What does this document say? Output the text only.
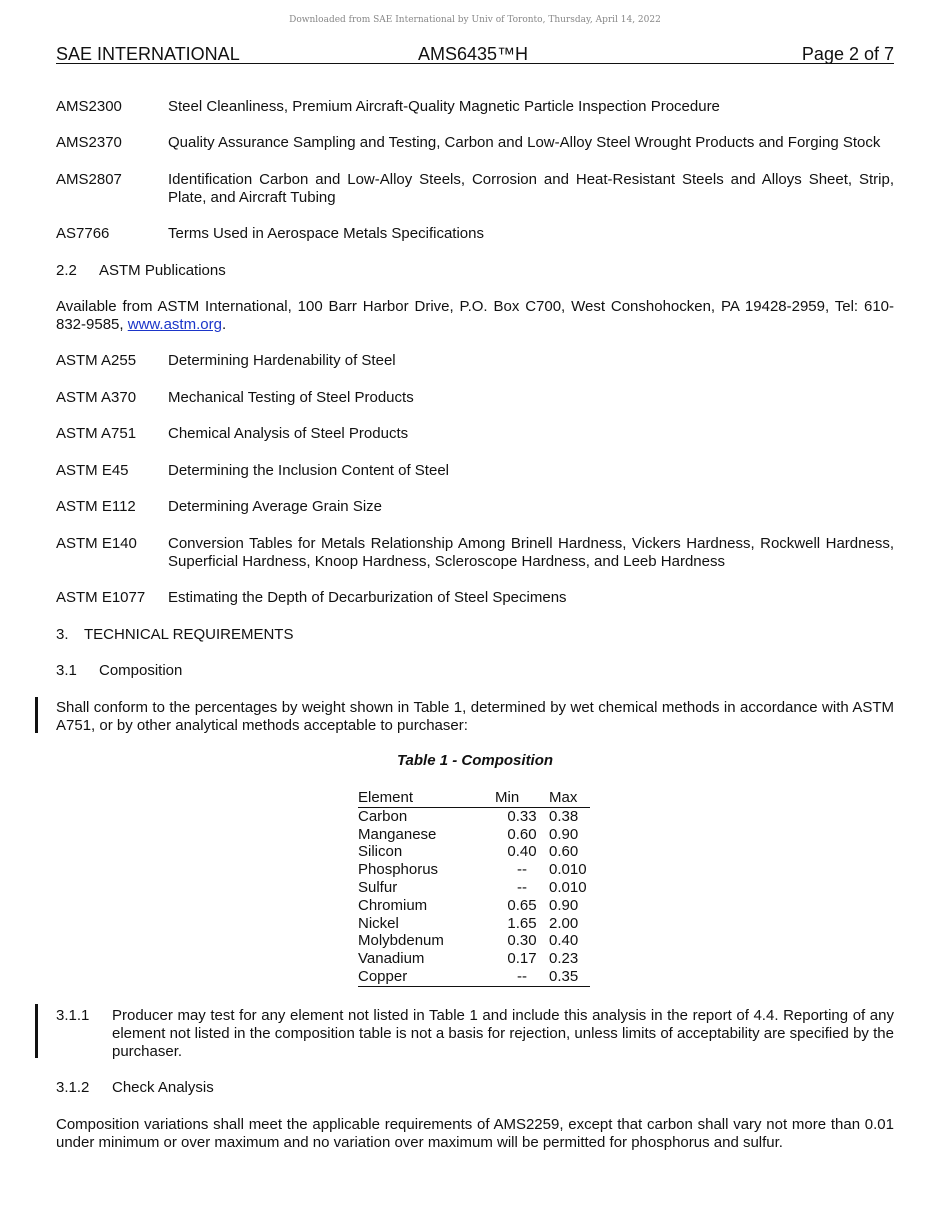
Downloaded from SAE International by Univ of Toronto, Thursday, April 14, 2022
SAE INTERNATIONAL	AMS6435™H	Page 2 of 7
AMS2300	Steel Cleanliness, Premium Aircraft-Quality Magnetic Particle Inspection Procedure
AMS2370	Quality Assurance Sampling and Testing, Carbon and Low-Alloy Steel Wrought Products and Forging Stock
AMS2807	Identification Carbon and Low-Alloy Steels, Corrosion and Heat-Resistant Steels and Alloys Sheet, Strip, Plate, and Aircraft Tubing
AS7766	Terms Used in Aerospace Metals Specifications
2.2 ASTM Publications
Available from ASTM International, 100 Barr Harbor Drive, P.O. Box C700, West Conshohocken, PA 19428-2959, Tel: 610-832-9585, www.astm.org.
ASTM A255 Determining Hardenability of Steel
ASTM A370 Mechanical Testing of Steel Products
ASTM A751 Chemical Analysis of Steel Products
ASTM E45	Determining the Inclusion Content of Steel
ASTM E112 Determining Average Grain Size
ASTM E140 Conversion Tables for Metals Relationship Among Brinell Hardness, Vickers Hardness, Rockwell Hardness, Superficial Hardness, Knoop Hardness, Scleroscope Hardness, and Leeb Hardness
ASTM E1077 Estimating the Depth of Decarburization of Steel Specimens
3. TECHNICAL REQUIREMENTS
3.1 Composition
Shall conform to the percentages by weight shown in Table 1, determined by wet chemical methods in accordance with ASTM A751, or by other analytical methods acceptable to purchaser:
Table 1 - Composition
Element	Min	Max
Carbon	0.33	0.38
Manganese	0.60	0.90
Silicon	0.40	0.60
Phosphorus	--	0.010
Sulfur	--	0.010
Chromium	0.65	0.90
Nickel	1.65	2.00
Molybdenum	0.30	0.40
Vanadium	0.17	0.23
Copper	--	0.35
3.1.1 Producer may test for any element not listed in Table 1 and include this analysis in the report of 4.4. Reporting of any element not listed in the composition table is not a basis for rejection, unless limits of acceptability are specified by the purchaser.
3.1.2 Check Analysis
Composition variations shall meet the applicable requirements of AMS2259, except that carbon shall vary not more than 0.01 under minimum or over maximum and no variation over maximum will be permitted for phosphorus and sulfur.
